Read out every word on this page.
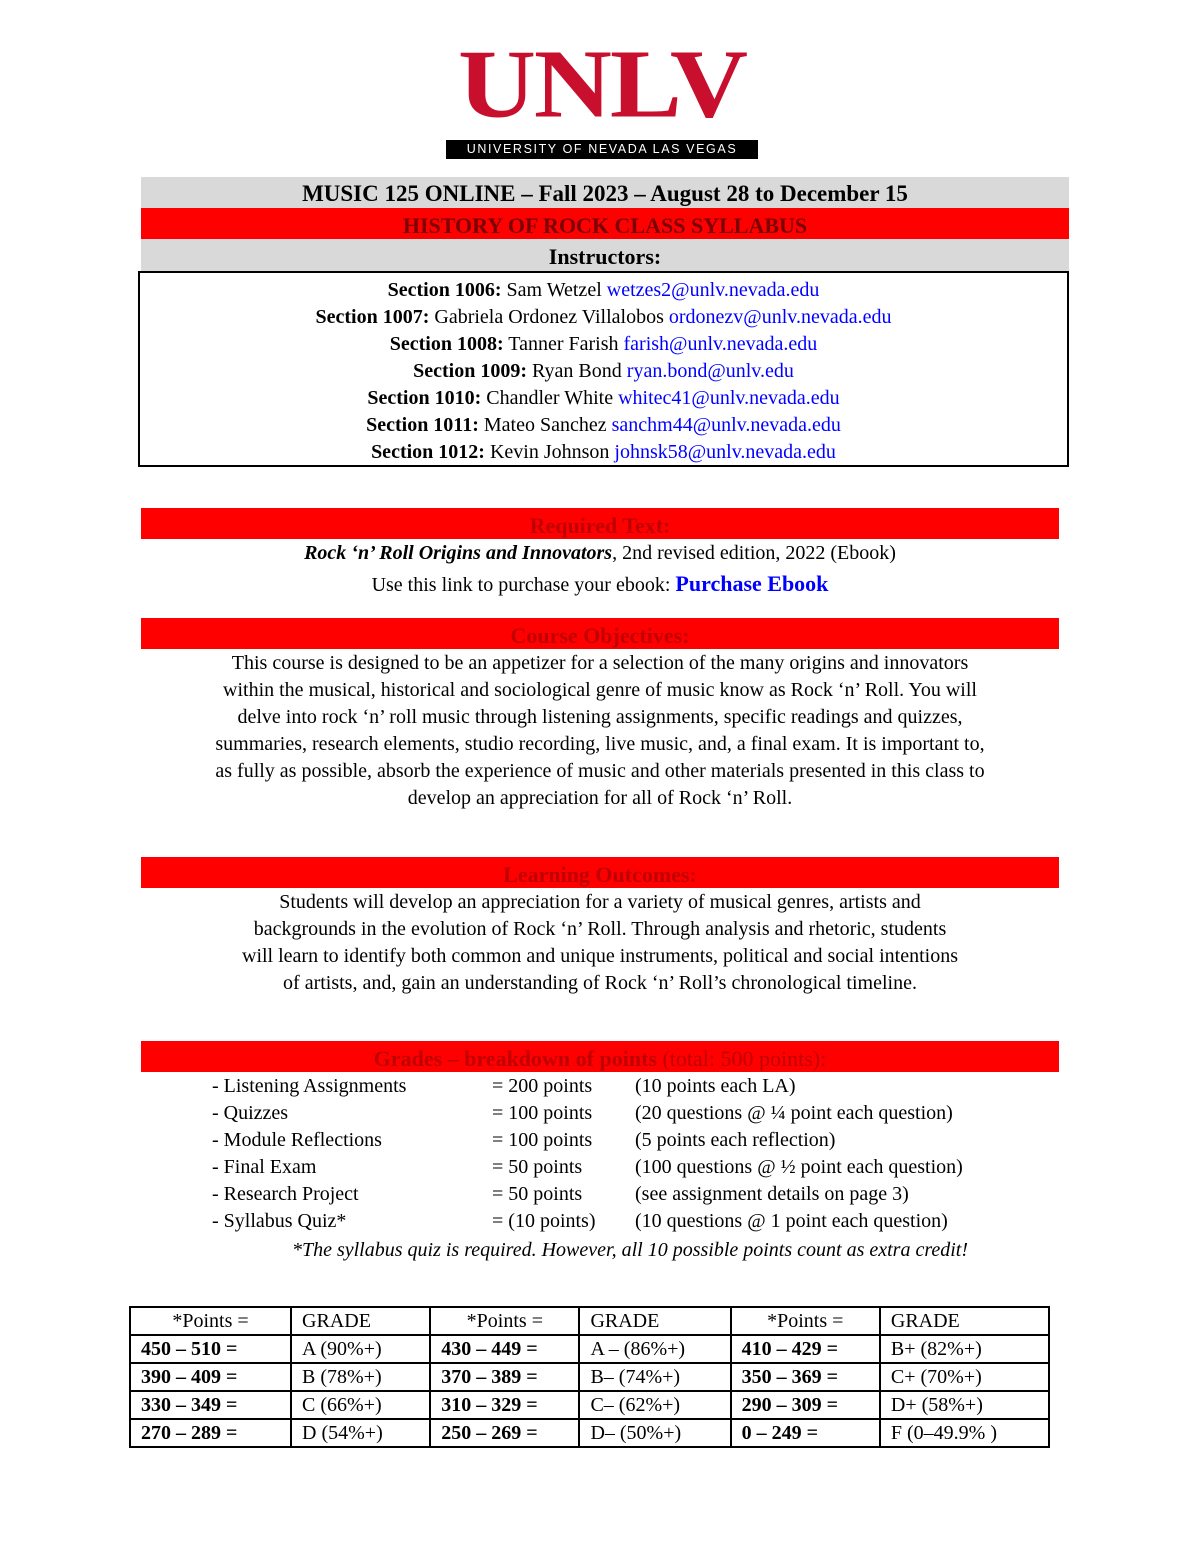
UNLV
UNIVERSITY OF NEVADA LAS VEGAS
MUSIC 125 ONLINE – Fall 2023 – August 28 to December 15
HISTORY OF ROCK CLASS SYLLABUS
Instructors:
Section 1006: Sam Wetzel wetzes2@unlv.nevada.edu
Section 1007: Gabriela Ordonez Villalobos ordonezv@unlv.nevada.edu
Section 1008: Tanner Farish farish@unlv.nevada.edu
Section 1009: Ryan Bond ryan.bond@unlv.edu
Section 1010: Chandler White whitec41@unlv.nevada.edu
Section 1011: Mateo Sanchez sanchm44@unlv.nevada.edu
Section 1012: Kevin Johnson johnsk58@unlv.nevada.edu
Required Text:
Rock ‘n’ Roll Origins and Innovators, 2nd revised edition, 2022 (Ebook)
Use this link to purchase your ebook: Purchase Ebook
Course Objectives:
This course is designed to be an appetizer for a selection of the many origins and innovators
within the musical, historical and sociological genre of music know as Rock ‘n’ Roll. You will
delve into rock ‘n’ roll music through listening assignments, specific readings and quizzes,
summaries, research elements, studio recording, live music, and, a final exam. It is important to,
as fully as possible, absorb the experience of music and other materials presented in this class to
develop an appreciation for all of Rock ‘n’ Roll.
Learning Outcomes:
Students will develop an appreciation for a variety of musical genres, artists and
backgrounds in the evolution of Rock ‘n’ Roll. Through analysis and rhetoric, students
will learn to identify both common and unique instruments, political and social intentions
of artists, and, gain an understanding of Rock ‘n’ Roll’s chronological timeline.
Grades – breakdown of points (total: 500 points):
- Listening Assignments	= 200 points (10 points each LA)
- Quizzes	= 100 points (20 questions @ ¼ point each question)
- Module Reflections	= 100 points (5 points each reflection)
- Final Exam	= 50 points	(100 questions @ ½ point each question)
- Research Project	= 50 points	(see assignment details on page 3)
- Syllabus Quiz*	= (10 points) (10 questions @ 1 point each question)
*The syllabus quiz is required. However, all 10 possible points count as extra credit!
*Points =	GRADE	*Points =	GRADE	*Points =	GRADE
450 – 510 =	A (90%+)	430 – 449 =	A – (86%+)	410 – 429 =	B+ (82%+)
390 – 409 =	B (78%+)	370 – 389 =	B– (74%+)	350 – 369 =	C+ (70%+)
330 – 349 =	C (66%+)	310 – 329 =	C– (62%+)	290 – 309 =	D+ (58%+)
270 – 289 =	D (54%+)	250 – 269 =	D– (50%+)	0 – 249 =	F (0–49.9% )
